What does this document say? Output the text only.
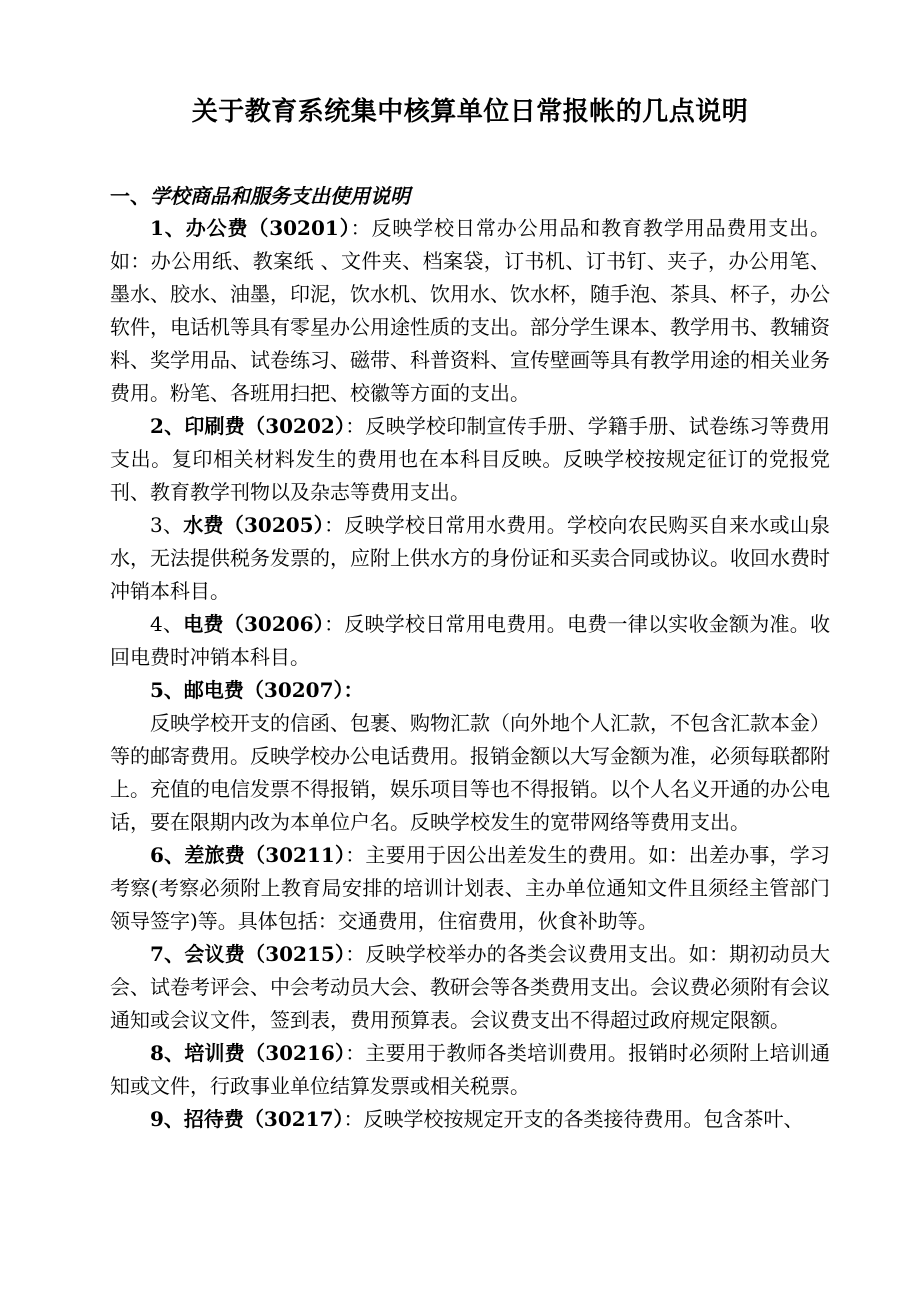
关于教育系统集中核算单位日常报帐的几点说明
一、学校商品和服务支出使用说明

1、办公费（30201）：反映学校日常办公用品和教育教学用品费用支出。如：办公用纸、教案纸 、文件夹、档案袋，订书机、订书钉、夹子，办公用笔、墨水、胶水、油墨，印泥，饮水机、饮用水、饮水杯，随手泡、茶具、杯子，办公软件，电话机等具有零星办公用途性质的支出。部分学生课本、教学用书、教辅资料、奖学用品、试卷练习、磁带、科普资料、宣传壁画等具有教学用途的相关业务费用。粉笔、各班用扫把、校徽等方面的支出。

2、印刷费（30202）：反映学校印制宣传手册、学籍手册、试卷练习等费用支出。复印相关材料发生的费用也在本科目反映。反映学校按规定征订的党报党刊、教育教学刊物以及杂志等费用支出。

3、水费（30205）：反映学校日常用水费用。学校向农民购买自来水或山泉水，无法提供税务发票的，应附上供水方的身份证和买卖合同或协议。收回水费时冲销本科目。

4、电费（30206）：反映学校日常用电费用。电费一律以实收金额为准。收回电费时冲销本科目。

5、邮电费（30207）：

反映学校开支的信函、包裹、购物汇款（向外地个人汇款，不包含汇款本金）等的邮寄费用。反映学校办公电话费用。报销金额以大写金额为准，必须每联都附上。充值的电信发票不得报销，娱乐项目等也不得报销。以个人名义开通的办公电话，要在限期内改为本单位户名。反映学校发生的宽带网络等费用支出。

6、差旅费（30211）：主要用于因公出差发生的费用。如：出差办事，学习考察(考察必须附上教育局安排的培训计划表、主办单位通知文件且须经主管部门领导签字)等。具体包括：交通费用，住宿费用，伙食补助等。

7、会议费（30215）：反映学校举办的各类会议费用支出。如：期初动员大会、试卷考评会、中会考动员大会、教研会等各类费用支出。会议费必须附有会议通知或会议文件，签到表，费用预算表。会议费支出不得超过政府规定限额。

8、培训费（30216）：主要用于教师各类培训费用。报销时必须附上培训通知或文件，行政事业单位结算发票或相关税票。

9、招待费（30217）：反映学校按规定开支的各类接待费用。包含茶叶、
